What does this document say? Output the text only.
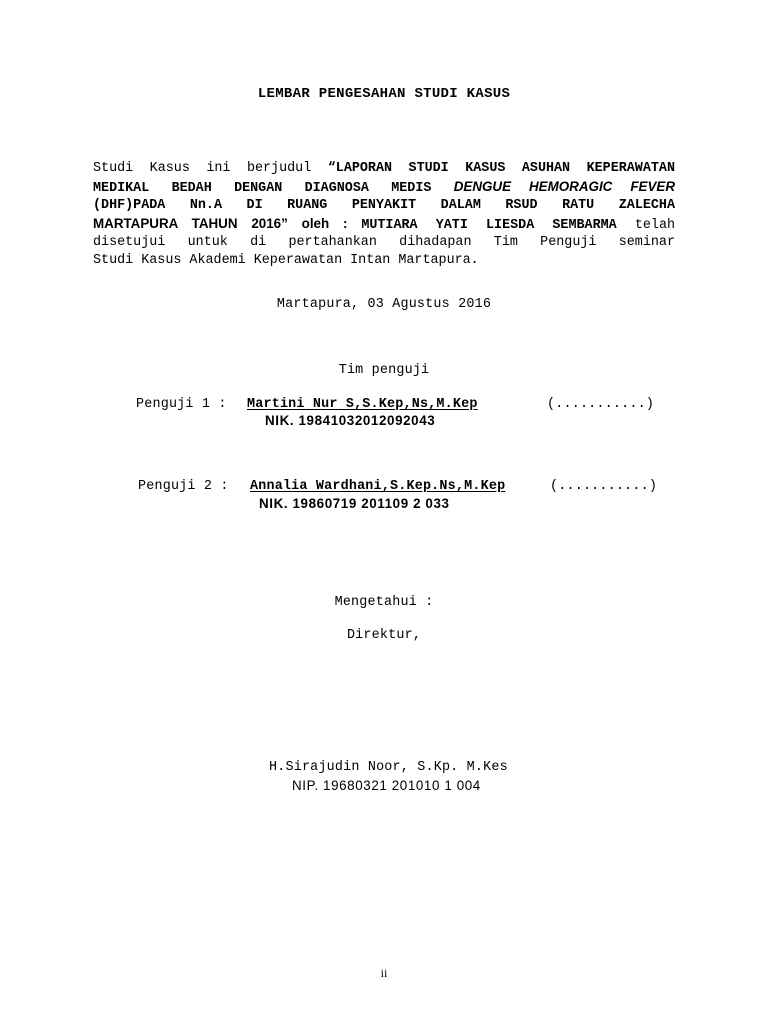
LEMBAR PENGESAHAN STUDI KASUS
Studi Kasus ini berjudul “LAPORAN STUDI KASUS ASUHAN KEPERAWATAN
MEDIKAL BEDAH DENGAN DIAGNOSA MEDIS DENGUE HEMORAGIC FEVER
(DHF)PADA Nn.A DI RUANG PENYAKIT DALAM RSUD RATU ZALECHA
MARTAPURA TAHUN 2016” oleh : MUTIARA YATI LIESDA SEMBARMA telah
disetujui untuk di pertahankan dihadapan Tim Penguji seminar
Studi Kasus Akademi Keperawatan Intan Martapura.
Martapura, 03 Agustus 2016
Tim penguji
Penguji 1 : Martini Nur S,S.Kep,Ns,M.Kep	(...........)
NIK. 19841032012092043
Penguji 2 : Annalia Wardhani,S.Kep.Ns,M.Kep	(...........)
NIK. 19860719 201109 2 033
Mengetahui :
Direktur,
H.Sirajudin Noor, S.Kp. M.Kes
NIP. 19680321 201010 1 004
ii
